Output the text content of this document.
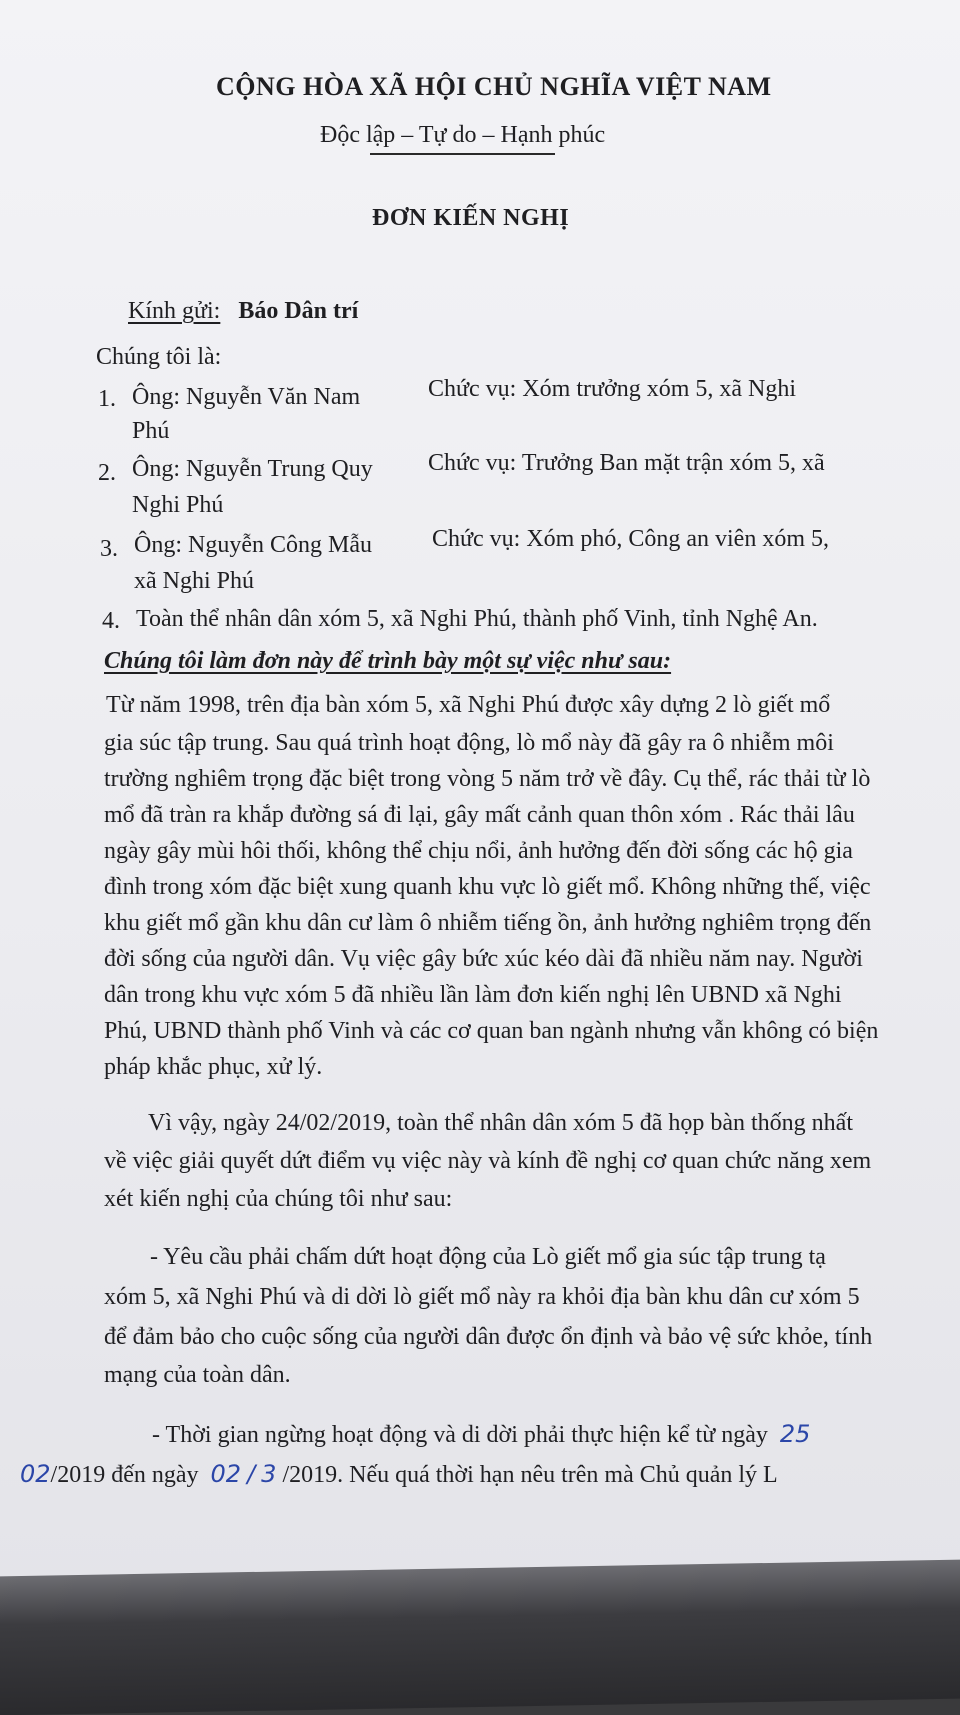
CỘNG HÒA XÃ HỘI CHỦ NGHĨA VIỆT NAM
Độc lập – Tự do – Hạnh phúc
ĐƠN KIẾN NGHỊ
Kính gửi: Báo Dân trí
Chúng tôi là:
1. Ông: Nguyễn Văn Nam	Chức vụ: Xóm trưởng xóm 5, xã Nghi
Phú
2. Ông: Nguyễn Trung Quy Chức vụ: Trưởng Ban mặt trận xóm 5, xã
Nghi Phú
3. Ông: Nguyễn Công Mẫu	Chức vụ: Xóm phó, Công an viên xóm 5,
xã Nghi Phú
4. Toàn thể nhân dân xóm 5, xã Nghi Phú, thành phố Vinh, tỉnh Nghệ An.
Chúng tôi làm đơn này để trình bày một sự việc như sau:
Từ năm 1998, trên địa bàn xóm 5, xã Nghi Phú được xây dựng 2 lò giết mổ
gia súc tập trung. Sau quá trình hoạt động, lò mổ này đã gây ra ô nhiễm môi
trường nghiêm trọng đặc biệt trong vòng 5 năm trở về đây. Cụ thể, rác thải từ lò
mổ đã tràn ra khắp đường sá đi lại, gây mất cảnh quan thôn xóm . Rác thải lâu
ngày gây mùi hôi thối, không thể chịu nổi, ảnh hưởng đến đời sống các hộ gia
đình trong xóm đặc biệt xung quanh khu vực lò giết mổ. Không những thế, việc
khu giết mổ gần khu dân cư làm ô nhiễm tiếng ồn, ảnh hưởng nghiêm trọng đến
đời sống của người dân. Vụ việc gây bức xúc kéo dài đã nhiều năm nay. Người
dân trong khu vực xóm 5 đã nhiều lần làm đơn kiến nghị lên UBND xã Nghi
Phú, UBND thành phố Vinh và các cơ quan ban ngành nhưng vẫn không có biện
pháp khắc phục, xử lý.
Vì vậy, ngày 24/02/2019, toàn thể nhân dân xóm 5 đã họp bàn thống nhất
về việc giải quyết dứt điểm vụ việc này và kính đề nghị cơ quan chức năng xem
xét kiến nghị của chúng tôi như sau:
- Yêu cầu phải chấm dứt hoạt động của Lò giết mổ gia súc tập trung tạ
xóm 5, xã Nghi Phú và di dời lò giết mổ này ra khỏi địa bàn khu dân cư xóm 5
để đảm bảo cho cuộc sống của người dân được ổn định và bảo vệ sức khỏe, tính
mạng của toàn dân.
- Thời gian ngừng hoạt động và di dời phải thực hiện kể từ ngày 25
02/2019 đến ngày 02 / 3 /2019. Nếu quá thời hạn nêu trên mà Chủ quản lý L
